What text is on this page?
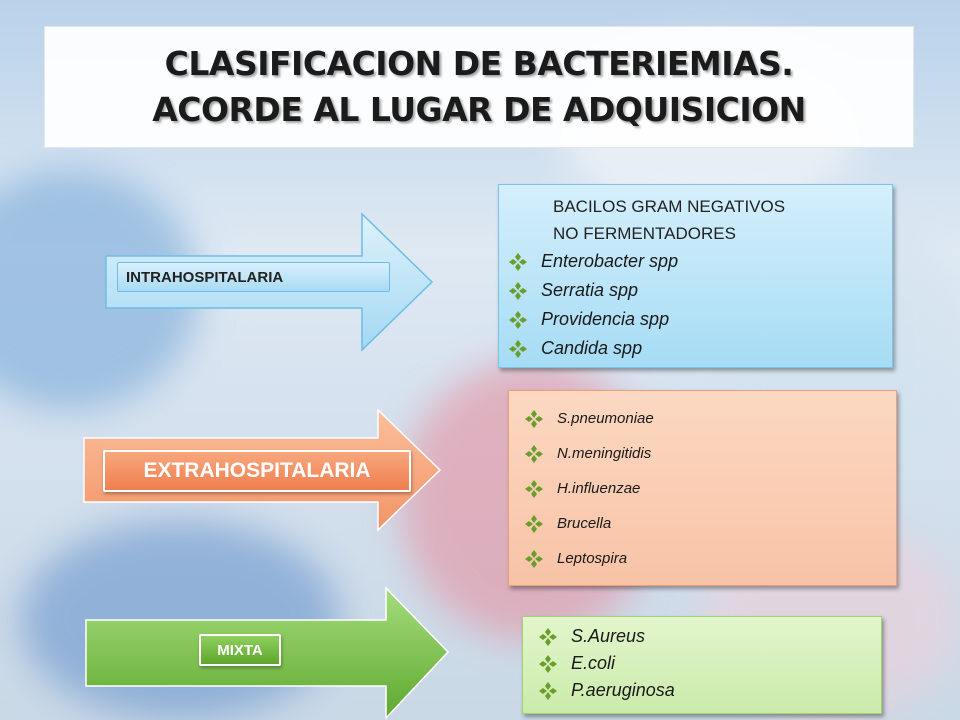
CLASIFICACION DE BACTERIEMIAS.
ACORDE AL LUGAR DE ADQUISICION
INTRAHOSPITALARIA
EXTRAHOSPITALARIA
MIXTA
BACILOS GRAM NEGATIVOS
NO FERMENTADORES
Enterobacter spp
Serratia spp
Providencia spp
Candida spp
S.pneumoniae
N.meningitidis
H.influenzae
Brucella
Leptospira
S.Aureus
E.coli
P.aeruginosa
